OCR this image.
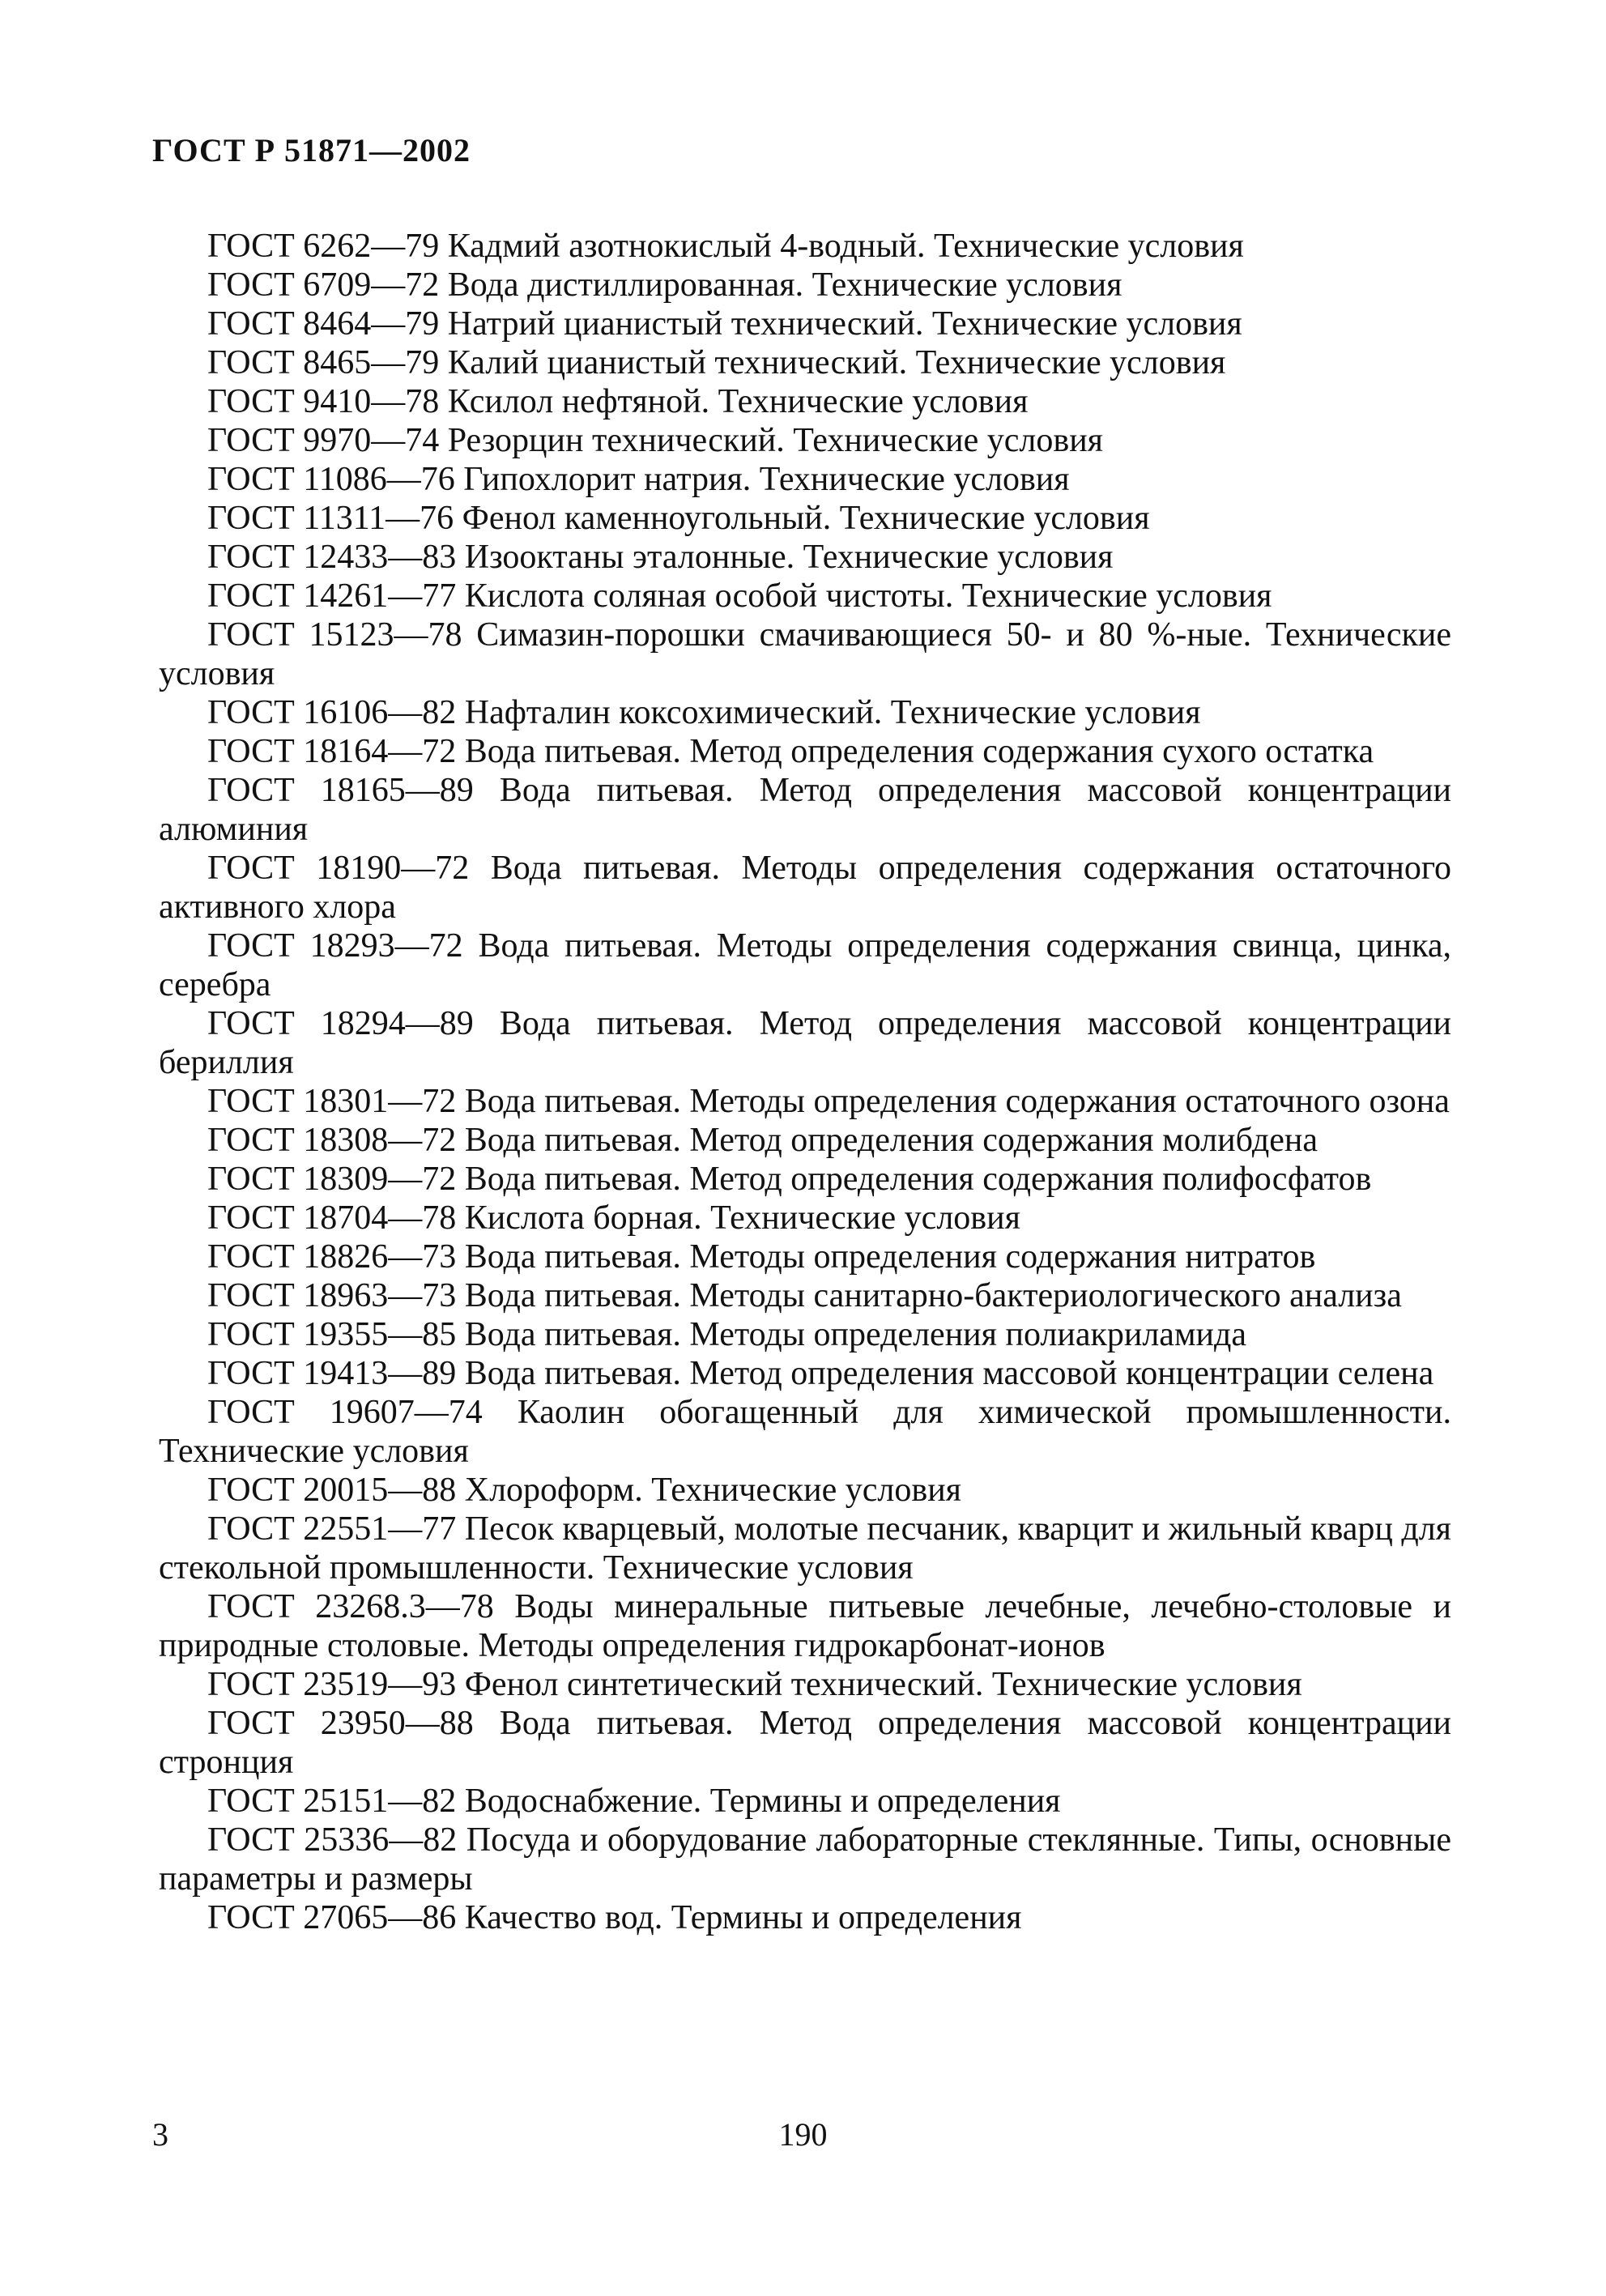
ГОСТ Р 51871—2002

ГОСТ 6262—79 Кадмий азотнокислый 4-водный. Технические условия

ГОСТ 6709—72 Вода дистиллированная. Технические условия

ГОСТ 8464—79 Натрий цианистый технический. Технические условия

ГОСТ 8465—79 Калий цианистый технический. Технические условия

ГОСТ 9410—78 Ксилол нефтяной. Технические условия

ГОСТ 9970—74 Резорцин технический. Технические условия

ГОСТ 11086—76 Гипохлорит натрия. Технические условия

ГОСТ 11311—76 Фенол каменноугольный. Технические условия

ГОСТ 12433—83 Изооктаны эталонные. Технические условия

ГОСТ 14261—77 Кислота соляная особой чистоты. Технические условия

ГОСТ 15123—78 Симазин-порошки смачивающиеся 50- и 80 %-ные. Технические условия

ГОСТ 16106—82 Нафталин коксохимический. Технические условия

ГОСТ 18164—72 Вода питьевая. Метод определения содержания сухого остатка

ГОСТ 18165—89 Вода питьевая. Метод определения массовой концентрации алюминия

ГОСТ 18190—72 Вода питьевая. Методы определения содержания остаточного активного хлора

ГОСТ 18293—72 Вода питьевая. Методы определения содержания свинца, цинка, серебра

ГОСТ 18294—89 Вода питьевая. Метод определения массовой концентрации бериллия

ГОСТ 18301—72 Вода питьевая. Методы определения содержания остаточного озона

ГОСТ 18308—72 Вода питьевая. Метод определения содержания молибдена

ГОСТ 18309—72 Вода питьевая. Метод определения содержания полифосфатов

ГОСТ 18704—78 Кислота борная. Технические условия

ГОСТ 18826—73 Вода питьевая. Методы определения содержания нитратов

ГОСТ 18963—73 Вода питьевая. Методы санитарно-бактериологического анализа

ГОСТ 19355—85 Вода питьевая. Методы определения полиакриламида

ГОСТ 19413—89 Вода питьевая. Метод определения массовой концентрации селена

ГОСТ 19607—74 Каолин обогащенный для химической промышленности. Технические условия

ГОСТ 20015—88 Хлороформ. Технические условия

ГОСТ 22551—77 Песок кварцевый, молотые песчаник, кварцит и жильный кварц для стекольной промышленности. Технические условия

ГОСТ 23268.3—78 Воды минеральные питьевые лечебные, лечебно-столовые и природные столовые. Методы определения гидрокарбонат-ионов

ГОСТ 23519—93 Фенол синтетический технический. Технические условия

ГОСТ 23950—88 Вода питьевая. Метод определения массовой концентрации стронция

ГОСТ 25151—82 Водоснабжение. Термины и определения

ГОСТ 25336—82 Посуда и оборудование лабораторные стеклянные. Типы, основные параметры и размеры

ГОСТ 27065—86 Качество вод. Термины и определения

3	190
